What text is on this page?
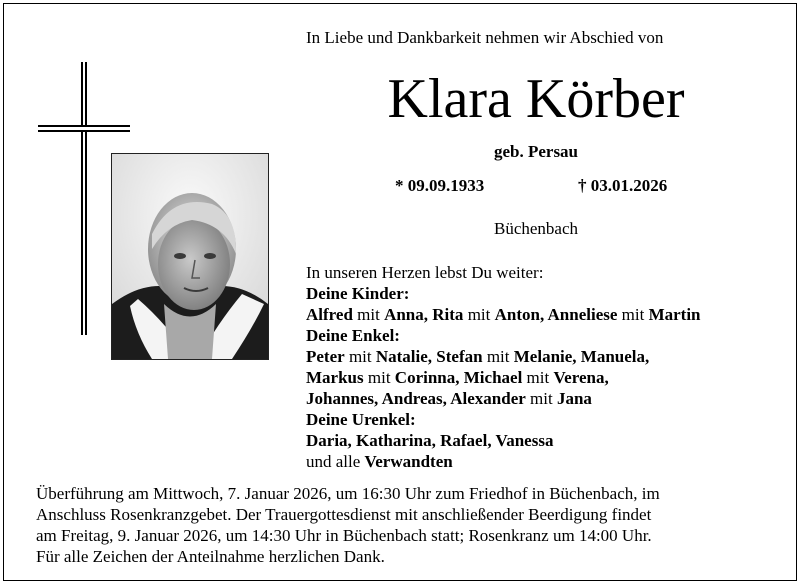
In Liebe und Dankbarkeit nehmen wir Abschied von
Klara Körber
geb. Persau
* 09.09.1933	† 03.01.2026
Büchenbach
In unseren Herzen lebst Du weiter:
Deine Kinder:
Alfred mit Anna, Rita mit Anton, Anneliese mit Martin
Deine Enkel:
Peter mit Natalie, Stefan mit Melanie, Manuela,
Markus mit Corinna, Michael mit Verena,
Johannes, Andreas, Alexander mit Jana
Deine Urenkel:
Daria, Katharina, Rafael, Vanessa
und alle Verwandten
Überführung am Mittwoch, 7. Januar 2026, um 16:30 Uhr zum Friedhof in Büchenbach, im
Anschluss Rosenkranzgebet. Der Trauergottesdienst mit anschließender Beerdigung findet
am Freitag, 9. Januar 2026, um 14:30 Uhr in Büchenbach statt; Rosenkranz um 14:00 Uhr.
Für alle Zeichen der Anteilnahme herzlichen Dank.
